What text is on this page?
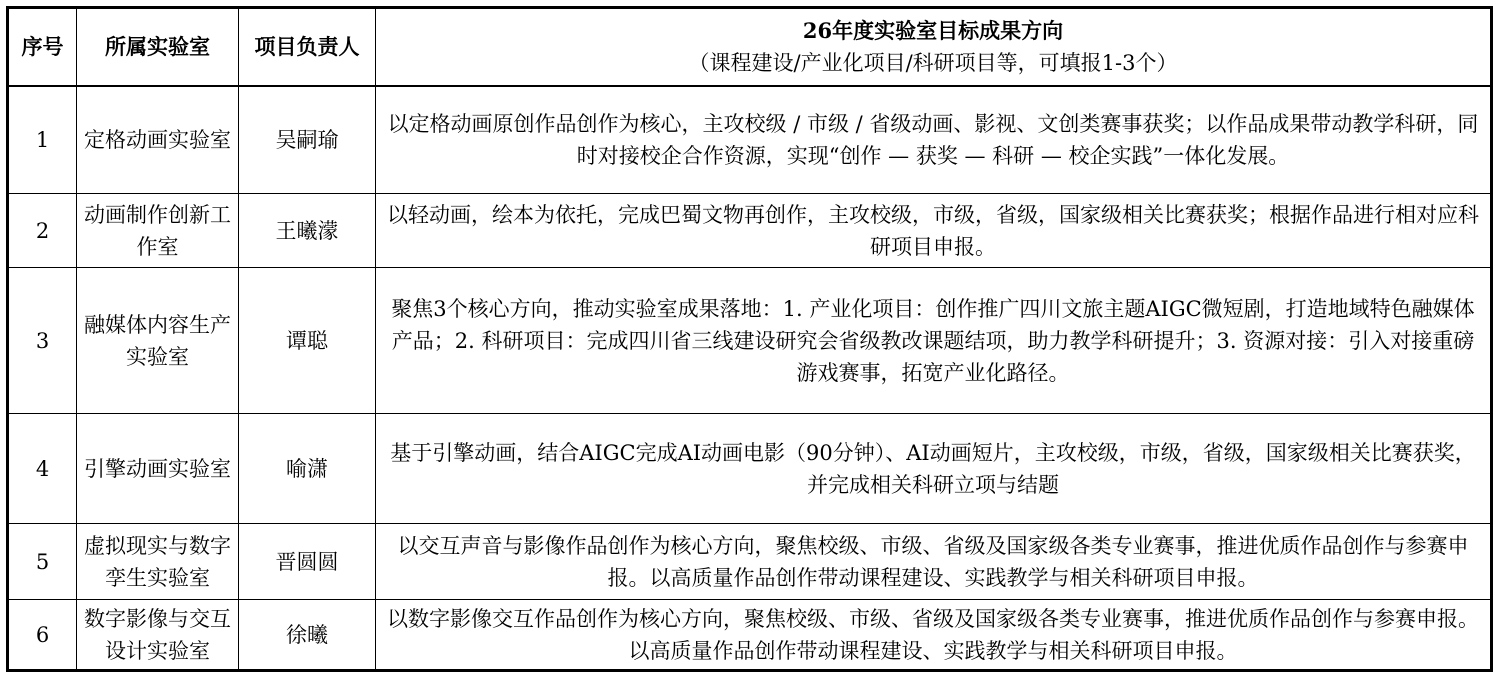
序号	所属实验室	项目负责人	26年度实验室目标成果方向
（课程建设/产业化项目/科研项目等，可填报1-3个）

1	定格动画实验室	吴嗣瑜	以定格动画原创作品创作为核心，主攻校级 / 市级 / 省级动画、影视、文创类赛事获奖；以作品成果带动教学科研，同时对接校企合作资源，实现“创作 — 获奖 — 科研 — 校企实践”一体化发展。
2	动画制作创新工作室	王曦濛	以轻动画，绘本为依托，完成巴蜀文物再创作，主攻校级，市级，省级，国家级相关比赛获奖；根据作品进行相对应科研项目申报。
3	融媒体内容生产实验室	谭聪	聚焦3个核心方向，推动实验室成果落地：1. 产业化项目：创作推广四川文旅主题AIGC微短剧，打造地域特色融媒体产品；2. 科研项目：完成四川省三线建设研究会省级教改课题结项，助力教学科研提升；3. 资源对接：引入对接重磅游戏赛事，拓宽产业化路径。
4	引擎动画实验室	喻潇	基于引擎动画，结合AIGC完成AI动画电影（90分钟）、AI动画短片，主攻校级，市级，省级，国家级相关比赛获奖，并完成相关科研立项与结题
5	虚拟现实与数字孪生实验室	晋圆圆	以交互声音与影像作品创作为核心方向，聚焦校级、市级、省级及国家级各类专业赛事，推进优质作品创作与参赛申报。以高质量作品创作带动课程建设、实践教学与相关科研项目申报。
6	数字影像与交互设计实验室	徐曦	以数字影像交互作品创作为核心方向，聚焦校级、市级、省级及国家级各类专业赛事，推进优质作品创作与参赛申报。以高质量作品创作带动课程建设、实践教学与相关科研项目申报。
